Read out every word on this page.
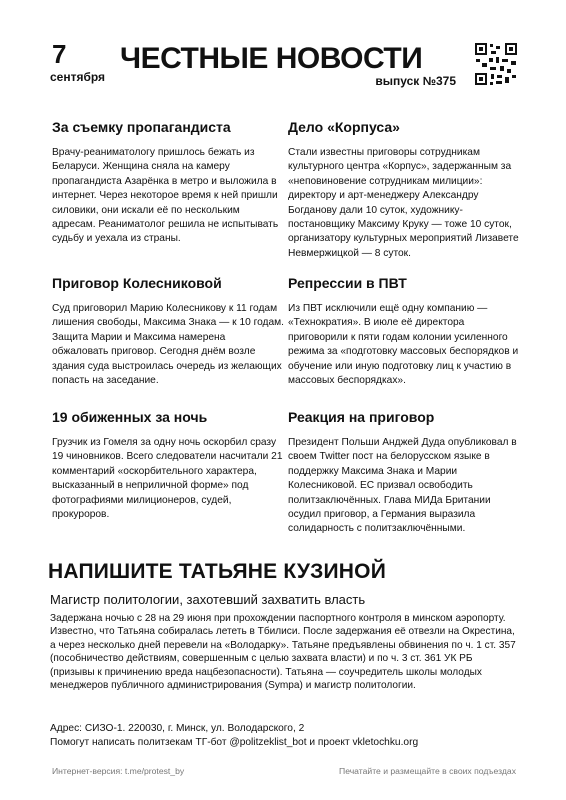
7
сентября
ЧЕСТНЫЕ НОВОСТИ
выпуск №375
За съемку пропагандиста

Врачу-реаниматологу пришлось бежать из Беларуси. Женщина сняла на камеру пропагандиста Азарёнка в метро и выложила в интернет. Через некоторое время к ней пришли силовики, они искали её по нескольким адресам. Реаниматолог решила не испытывать судьбу и уехала из страны.

Дело «Корпуса»

Стали известны приговоры сотрудникам культурного центра «Корпус», задержанным за «неповиновение сотрудникам милиции»: директору и арт-менеджеру Александру Богданову дали 10 суток, художнику-постановщику Максиму Круку — тоже 10 суток, организатору культурных мероприятий Лизавете Невмержицкой — 8 суток.

Приговор Колесниковой

Суд приговорил Марию Колесникову к 11 годам лишения свободы, Максима Знака — к 10 годам. Защита Марии и Максима намерена обжаловать приговор. Сегодня днём возле здания суда выстроилась очередь из желающих попасть на заседание.

Репрессии в ПВТ

Из ПВТ исключили ещё одну компанию — «Технократия». В июле её директора приговорили к пяти годам колонии усиленного режима за «подготовку массовых беспорядков и обучение или иную подготовку лиц к участию в массовых беспорядках».

19 обиженных за ночь

Грузчик из Гомеля за одну ночь оскорбил сразу 19 чиновников. Всего следователи насчитали 21 комментарий «оскорбительного характера, высказанный в неприличной форме» под фотографиями милиционеров, судей, прокуроров.

Реакция на приговор

Президент Польши Анджей Дуда опубликовал в своем Twitter пост на белорусском языке в поддержку Максима Знака и Марии Колесниковой. ЕС призвал освободить политзаключённых. Глава МИДа Британии осудил приговор, а Германия выразила солидарность с политзаключёнными.

НАПИШИТЕ ТАТЬЯНЕ КУЗИНОЙ
Магистр политологии, захотевший захватить власть

Задержана ночью с 28 на 29 июня при прохождении паспортного контроля в минском аэропорту. Известно, что Татьяна собиралась лететь в Тбилиси. После задержания её отвезли на Окрестина, а через несколько дней перевели на «Володарку». Татьяне предъявлены обвинения по ч. 1 ст. 357 (пособничество действиям, совершенным с целью захвата власти) и по ч. 3 ст. 361 УК РБ (призывы к причинению вреда нацбезопасности). Татьяна — соучредитель школы молодых менеджеров публичного администрирования (Sympa) и магистр политологии.

Адрес: СИЗО-1. 220030, г. Минск, ул. Володарского, 2
Помогут написать политзекам ТГ-бот @politzeklist_bot и проект vkletochku.org

Интернет-версия: t.me/protest_by	Печатайте и размещайте в своих подъездах
